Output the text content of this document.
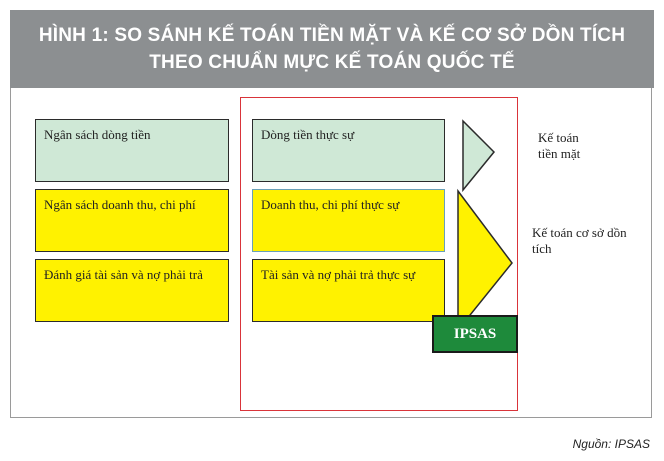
HÌNH 1: SO SÁNH KẾ TOÁN TIỀN MẶT VÀ KẾ CƠ SỞ DỒN TÍCH
THEO CHUẨN MỰC KẾ TOÁN QUỐC TẾ
Ngân sách dòng tiền
Ngân sách doanh thu, chi phí
Đánh giá tài sản và nợ phải trả
Dòng tiền thực sự
Doanh thu, chi phí thực sự
Tài sản và nợ phải trả thực sự
IPSAS
Kế toán tiền mặt
Kế toán cơ sở dồn tích
Nguồn: IPSAS
